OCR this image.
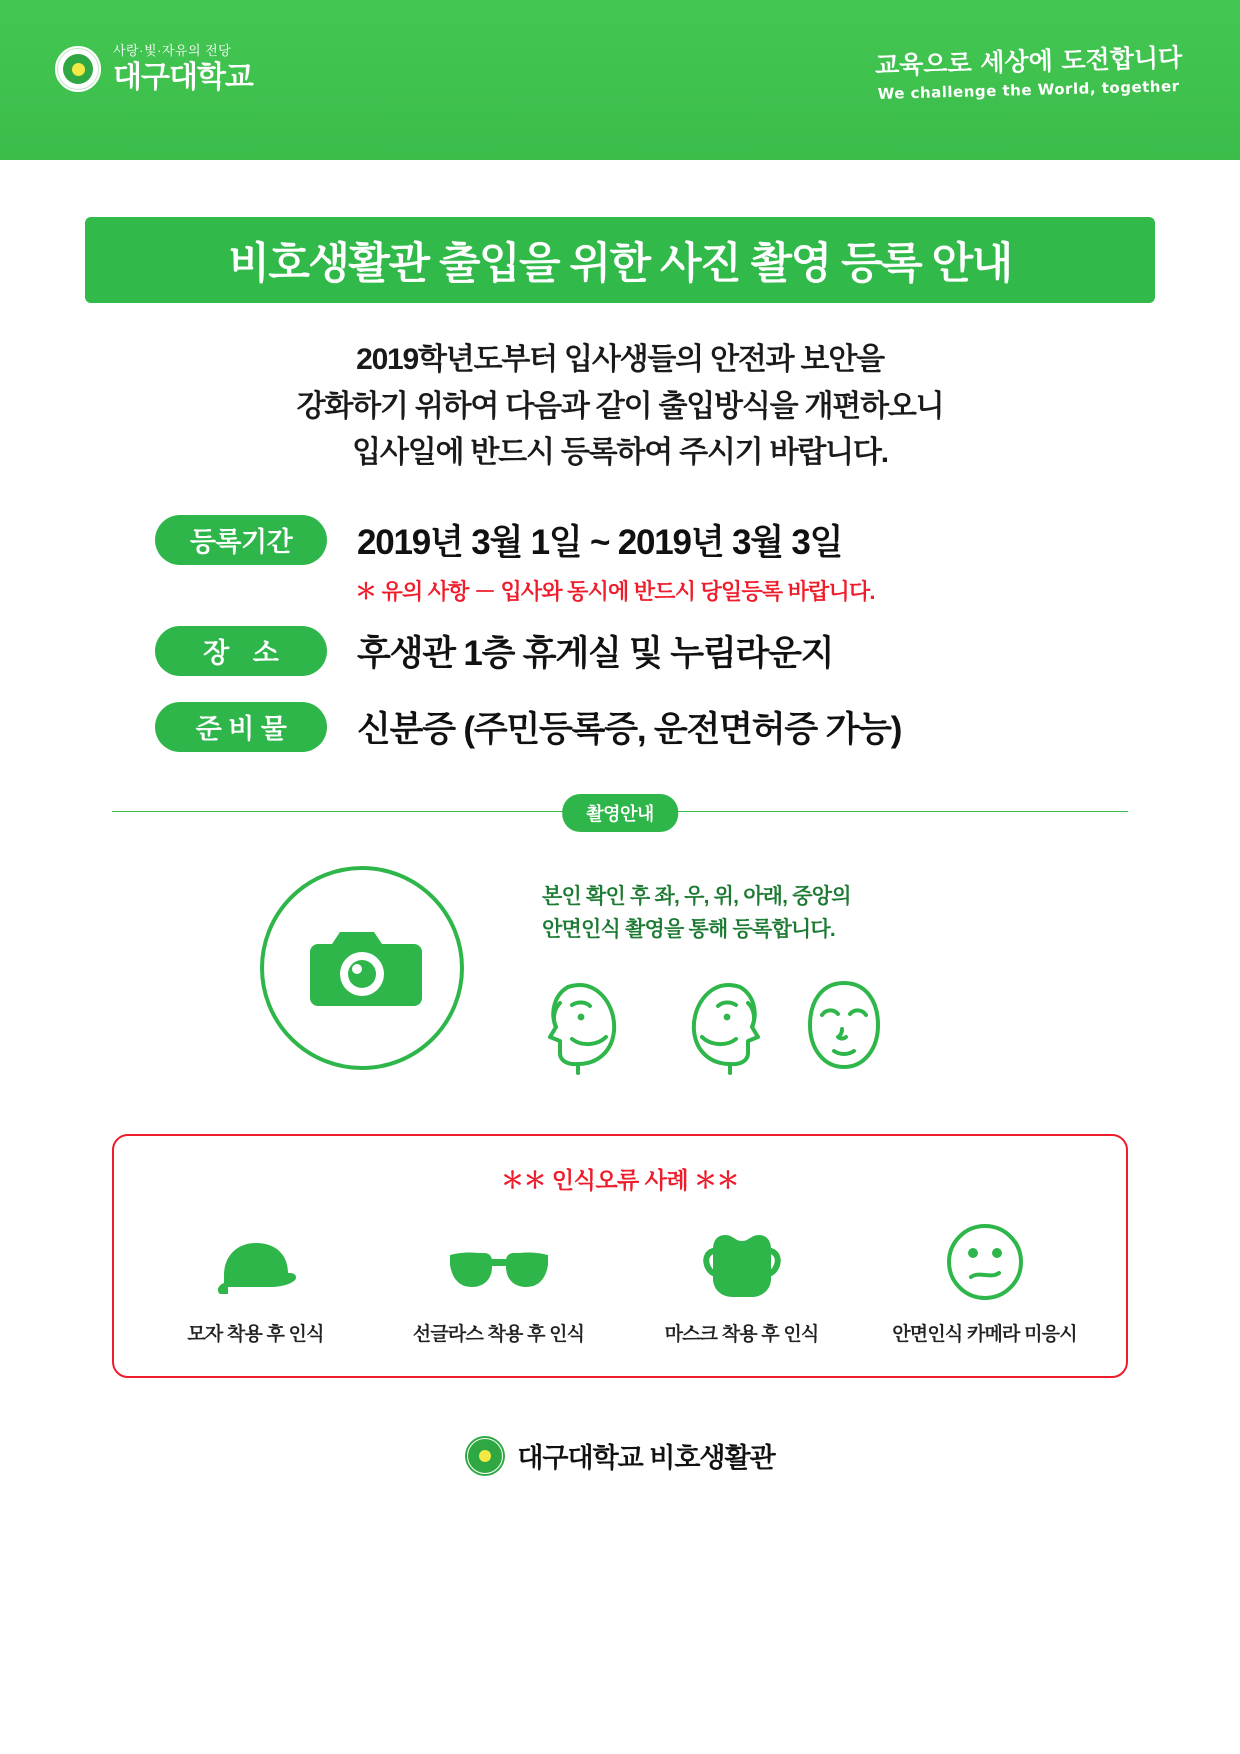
사랑·빛·자유의 전당
대구대학교	교육으로 세상에 도전합니다
We challenge the World, together
비호생활관 출입을 위한 사진 촬영 등록 안내
2019학년도부터 입사생들의 안전과 보안을
강화하기 위하여 다음과 같이 출입방식을 개편하오니
입사일에 반드시 등록하여 주시기 바랍니다.
등록기간	2019년 3월 1일 ~ 2019년 3월 3일
＊ 유의 사항 － 입사와 동시에 반드시 당일등록 바랍니다.
장 소	후생관 1층 휴게실 및 누림라운지
준 비 물	신분증 (주민등록증, 운전면허증 가능)
촬영안내
본인 확인 후 좌, 우, 위, 아래, 중앙의
안면인식 촬영을 통해 등록합니다.
＊＊ 인식오류 사례 ＊＊
모자 착용 후 인식	선글라스 착용 후 인식	마스크 착용 후 인식	안면인식 카메라 미응시
대구대학교 비호생활관
